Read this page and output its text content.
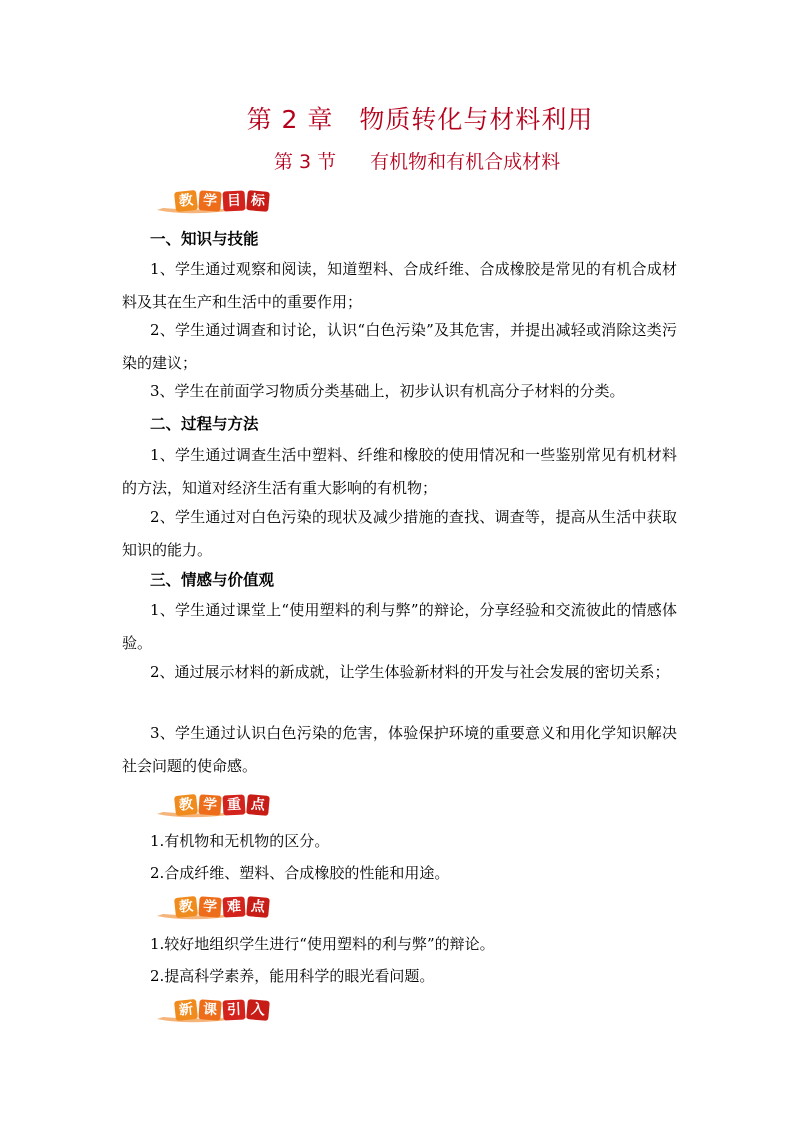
第 2 章　物质转化与材料利用
第 3 节 有机物和有机合成材料
教 学 目 标
一、知识与技能
1、学生通过观察和阅读，知道塑料、合成纤维、合成橡胶是常见的有机合成材料及其在生产和生活中的重要作用；
2、学生通过调查和讨论，认识“白色污染”及其危害，并提出减轻或消除这类污染的建议；
3、学生在前面学习物质分类基础上，初步认识有机高分子材料的分类。
二、过程与方法
1、学生通过调查生活中塑料、纤维和橡胶的使用情况和一些鉴别常见有机材料的方法，知道对经济生活有重大影响的有机物；
2、学生通过对白色污染的现状及减少措施的查找、调查等，提高从生活中获取知识的能力。
三、情感与价值观
1、学生通过课堂上“使用塑料的利与弊”的辩论，分享经验和交流彼此的情感体验。
2、通过展示材料的新成就，让学生体验新材料的开发与社会发展的密切关系；
3、学生通过认识白色污染的危害，体验保护环境的重要意义和用化学知识解决社会问题的使命感。
教 学 重 点
1.有机物和无机物的区分。
2.合成纤维、塑料、合成橡胶的性能和用途。
教 学 难 点
1.较好地组织学生进行“使用塑料的利与弊”的辩论。
2.提高科学素养，能用科学的眼光看问题。
新 课 引 入
